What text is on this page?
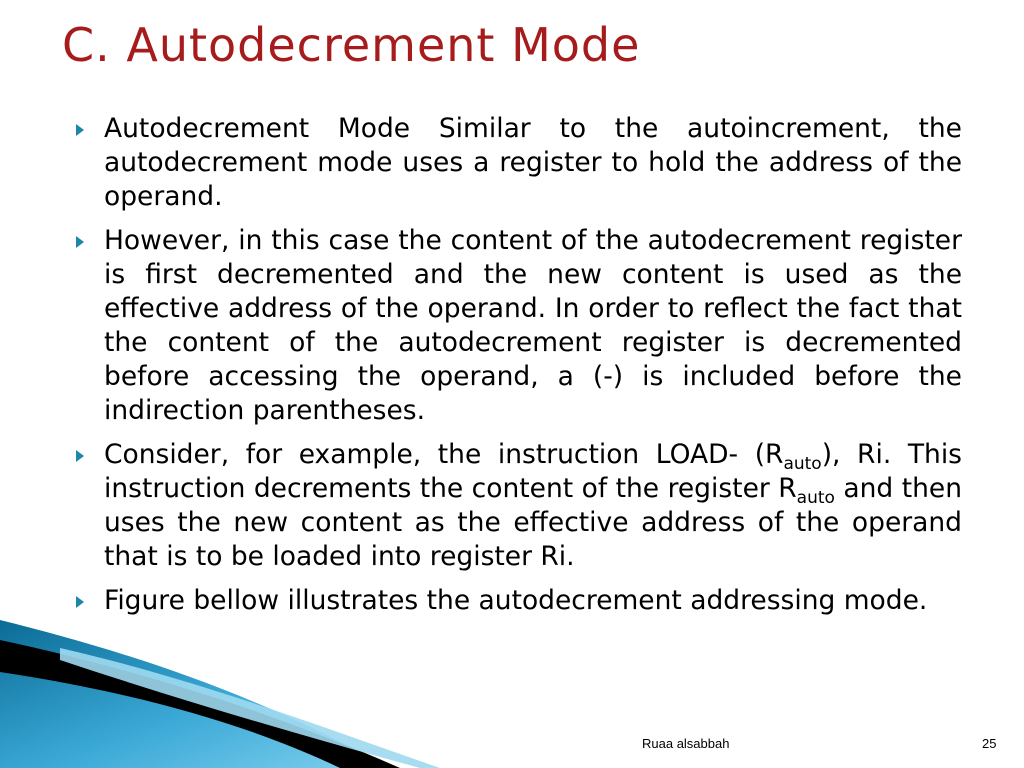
C. Autodecrement Mode
Autodecrement Mode Similar to the autoincrement, the autodecrement mode uses a register to hold the address of the operand.
However, in this case the content of the autodecrement register is first decremented and the new content is used as the effective address of the operand. In order to reflect the fact that the content of the autodecrement register is decremented before accessing the operand, a (-) is included before the indirection parentheses.
Consider, for example, the instruction LOAD- $(R_{auto})$, Ri. This instruction decrements the content of the register $R_{auto}$ and then uses the new content as the effective address of the operand that is to be loaded into register Ri.
Figure bellow illustrates the autodecrement addressing mode.
Ruaa alsabbah	25
